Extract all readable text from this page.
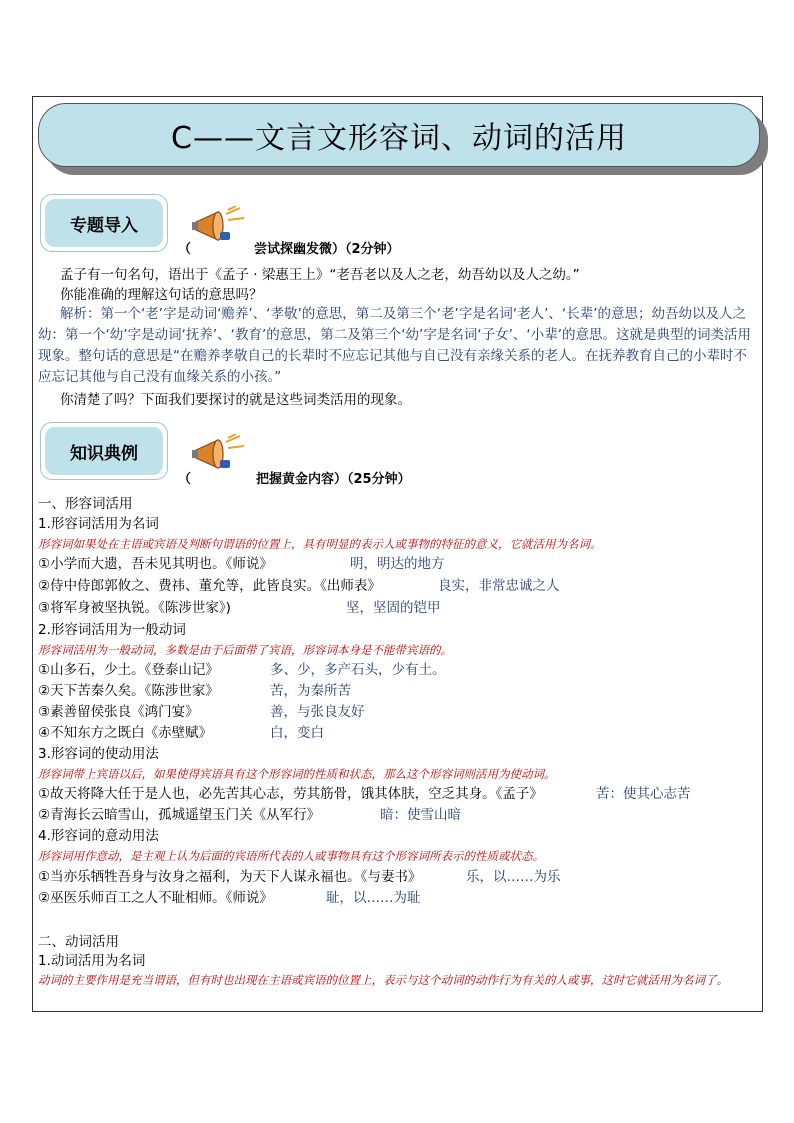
C——文言文形容词、动词的活用
专题导入
（	尝试探幽发微）（2分钟）
孟子有一句名句，语出于《孟子 · 梁惠王上》“老吾老以及人之老，幼吾幼以及人之幼。”
你能准确的理解这句话的意思吗？
解析：第一个‘老’字是动词‘赡养’、‘孝敬’的意思，第二及第三个‘老’字是名词‘老人’、‘长辈’的意思；幼吾幼以及人之幼：第一个‘幼’字是动词‘抚养’、‘教育’的意思，第二及第三个‘幼’字是名词‘子女’、‘小辈’的意思。这就是典型的词类活用现象。整句话的意思是“在赡养孝敬自己的长辈时不应忘记其他与自己没有亲缘关系的老人。在抚养教育自己的小辈时不应忘记其他与自己没有血缘关系的小孩。”
你清楚了吗？下面我们要探讨的就是这些词类活用的现象。
知识典例
（	把握黄金内容）（25分钟）
一、形容词活用
1.形容词活用为名词
形容词如果处在主语或宾语及判断句谓语的位置上，具有明显的表示人或事物的特征的意义，它就活用为名词。
①小学而大遗，吾未见其明也。《师说》	明，明达的地方
②侍中侍郎郭攸之、费祎、董允等，此皆良实。《出师表》	良实，非常忠诚之人
③将军身被坚执锐。《陈涉世家》)	坚，坚固的铠甲
2.形容词活用为一般动词
形容词活用为一般动词，多数是由于后面带了宾语，形容词本身是不能带宾语的。
①山多石，少土。《登泰山记》	多、少，多产石头，少有土。
②天下苦秦久矣。《陈涉世家》	苦，为秦所苦
③素善留侯张良《鸿门宴》	善，与张良友好
④不知东方之既白《赤壁赋》	白，变白
3.形容词的使动用法
形容词带上宾语以后，如果使得宾语具有这个形容词的性质和状态，那么这个形容词则活用为使动词。
①故天将降大任于是人也，必先苦其心志，劳其筋骨，饿其体肤，空乏其身。《孟子》	苦：使其心志苦
②青海长云暗雪山，孤城遥望玉门关《从军行》	暗：使雪山暗
4.形容词的意动用法
形容词用作意动，是主观上认为后面的宾语所代表的人或事物具有这个形容词所表示的性质或状态。
①当亦乐牺牲吾身与汝身之福利，为天下人谋永福也。《与妻书》	乐，以……为乐
②巫医乐师百工之人不耻相师。《师说》	耻，以……为耻
二、动词活用
1.动词活用为名词
动词的主要作用是充当谓语，但有时也出现在主语或宾语的位置上，表示与这个动词的动作行为有关的人或事，这时它就活用为名词了。
